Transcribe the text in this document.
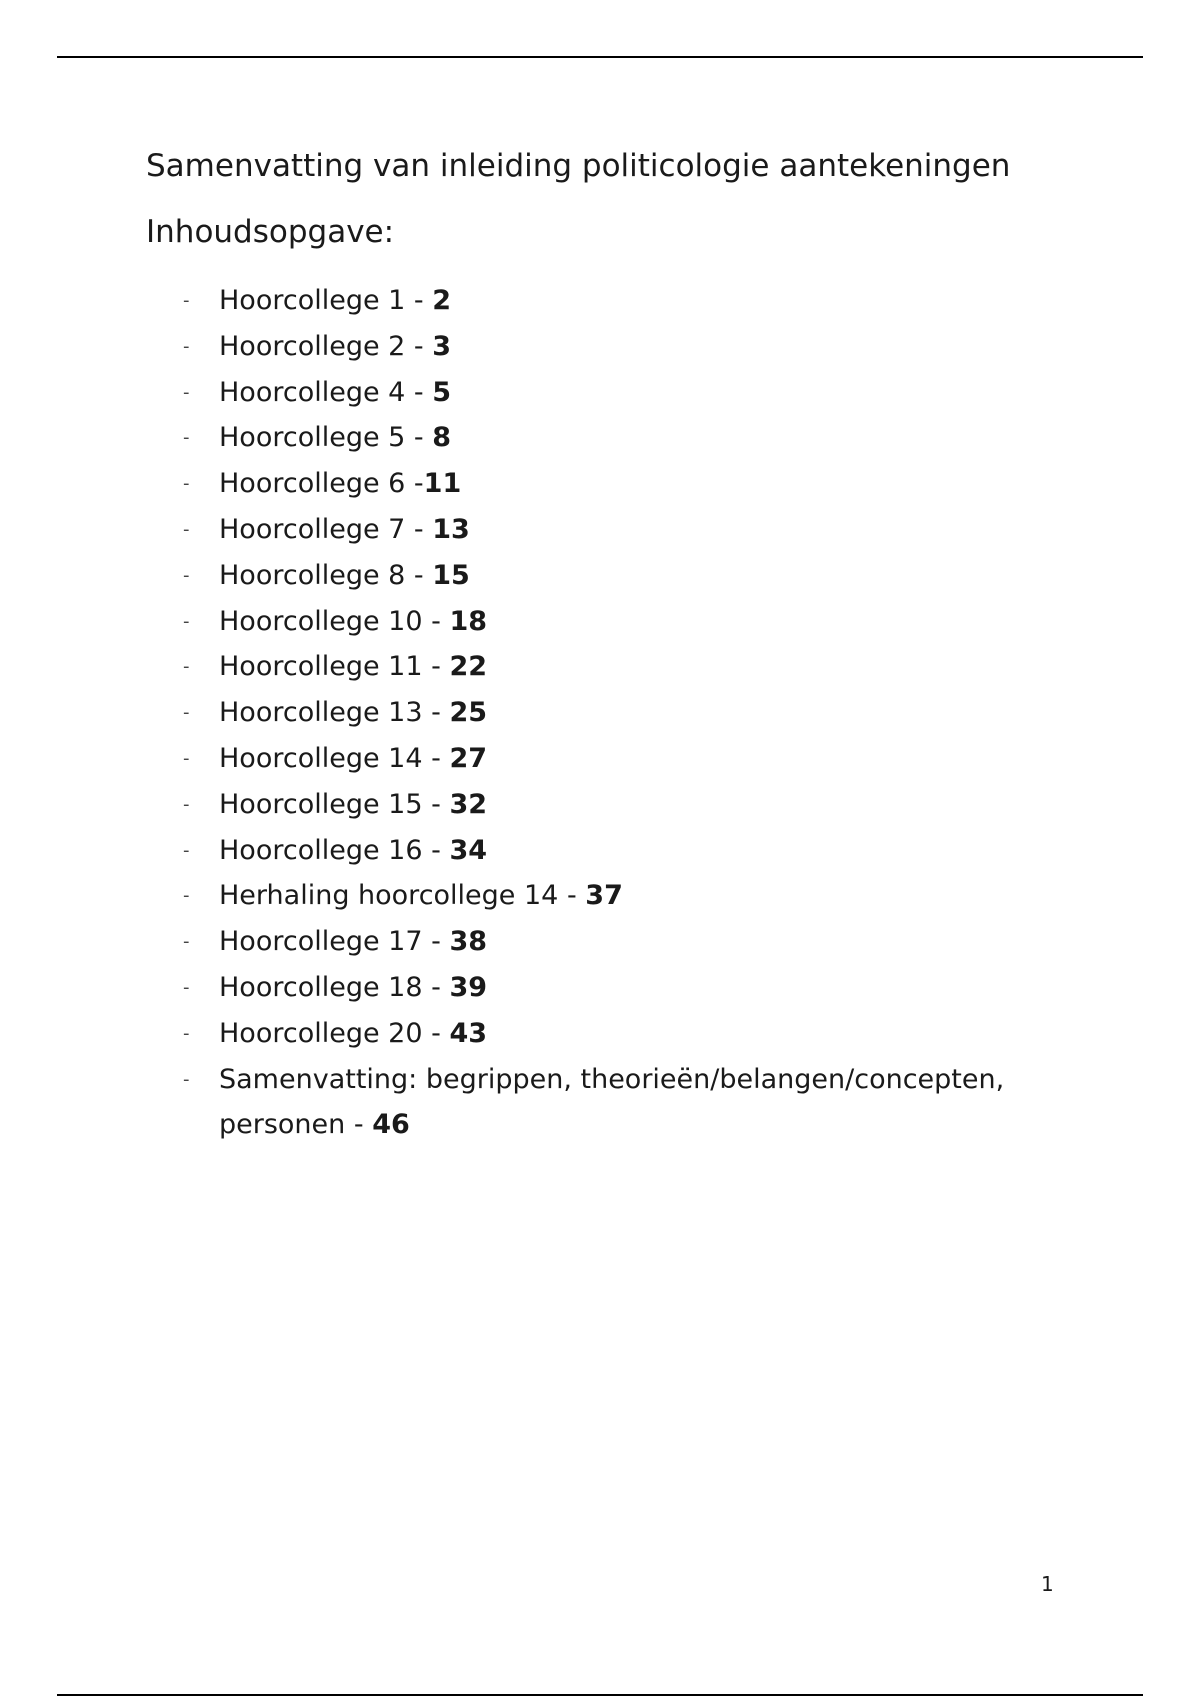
Samenvatting van inleiding politicologie aantekeningen
Inhoudsopgave:
- Hoorcollege 1 - 2
- Hoorcollege 2 - 3
- Hoorcollege 4 - 5
- Hoorcollege 5 - 8
- Hoorcollege 6 -11
- Hoorcollege 7 - 13
- Hoorcollege 8 - 15
- Hoorcollege 10 - 18
- Hoorcollege 11 - 22
- Hoorcollege 13 - 25
- Hoorcollege 14 - 27
- Hoorcollege 15 - 32
- Hoorcollege 16 - 34
- Herhaling hoorcollege 14 - 37
- Hoorcollege 17 - 38
- Hoorcollege 18 - 39
- Hoorcollege 20 - 43
- Samenvatting: begrippen, theorieën/belangen/concepten, personen - 46
1
